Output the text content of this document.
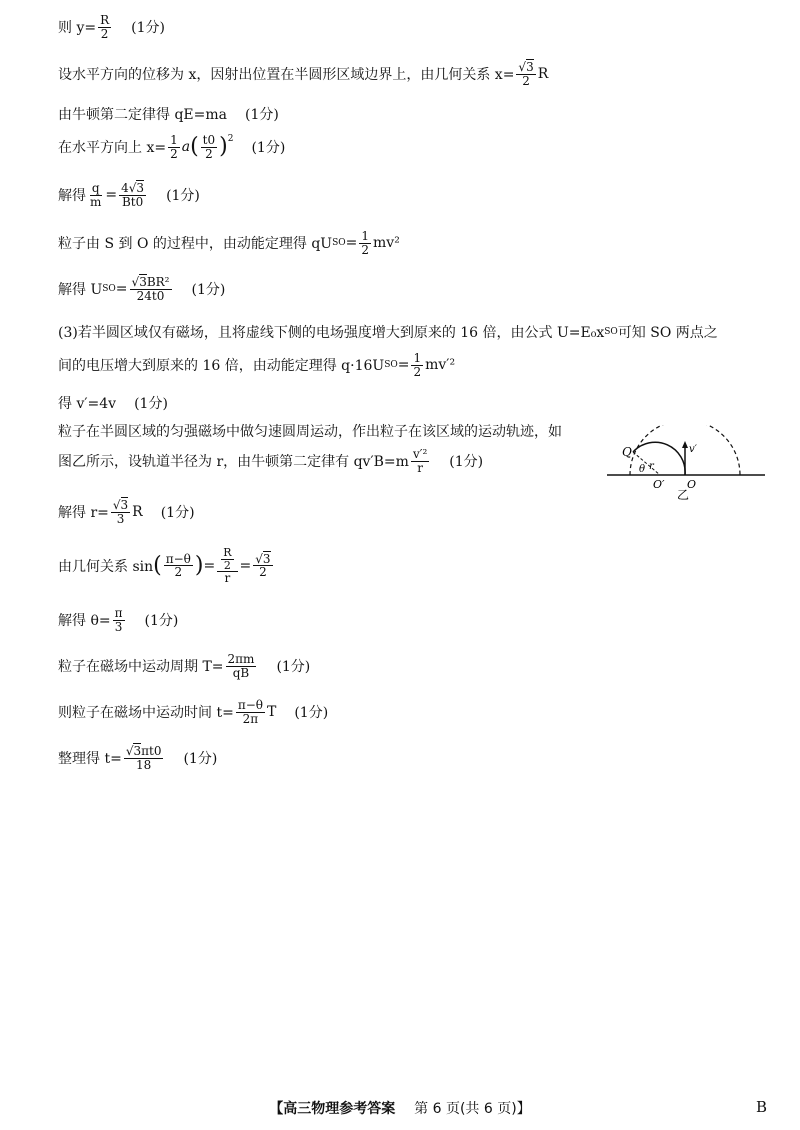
则 $y= \frac{R}{2} (1$分)
设水平方向的位移为 x，因射出位置在半圆形区域边界上，由几何关系 $x= \frac{√3}{2}$ R
由牛顿第二定律得 qE=ma (1分)
在水平方向上 $x= \frac{1}{2}$ a ( $\frac{t0}{2} )^2$
(1分)
解得 $\frac{q}{m} = \frac{4√3}{Bt0} (1$分)
粒子由 S 到 O 的过程中，由动能定理得 qU SO = $\frac{1}{2} mv^2$
解得 U SO = $\frac{\text{√3BR²}}{24t0} (1$分)
(3)若半圆区域仅有磁场，且将虚线下侧的电场强度增大到原来的 16 倍，由公式 U=E₀x SO 可知 SO 两点之
间的电压增大到原来的 16 倍，由动能定理得 q·16U SO = $\frac{1}{2} mv'^2$
得 v′=4v (1分)
粒子在半圆区域的匀强磁场中做匀速圆周运动，作出粒子在该区域的运动轨迹，如
图乙所示，设轨道半径为 r，由牛顿第二定律有 $qv'B=m \frac{\text{v′²}}{r} (1$分)
解得 $r= \frac{√3}{3}$ R (1分)
由几何关系 sin ( $\frac{\pi-\theta}{2}$ ) = $\frac{\frac{R}{2}}{r} = \frac{√3}{2}$
解得 $\theta= \frac{\pi}{3} (1$分)
粒子在磁场中运动周期 $T= \frac{2\pi m}{qB} (1$分)
则粒子在磁场中运动时间 $t= \frac{\pi-\theta}{2\pi}$ T (1分)
整理得 $t= \frac{√3\pi t0}{18} (1$分)
Q
θ r
v′
O′ O
乙
【高三物理参考答案 第 6 页(共 6 页)】	B
